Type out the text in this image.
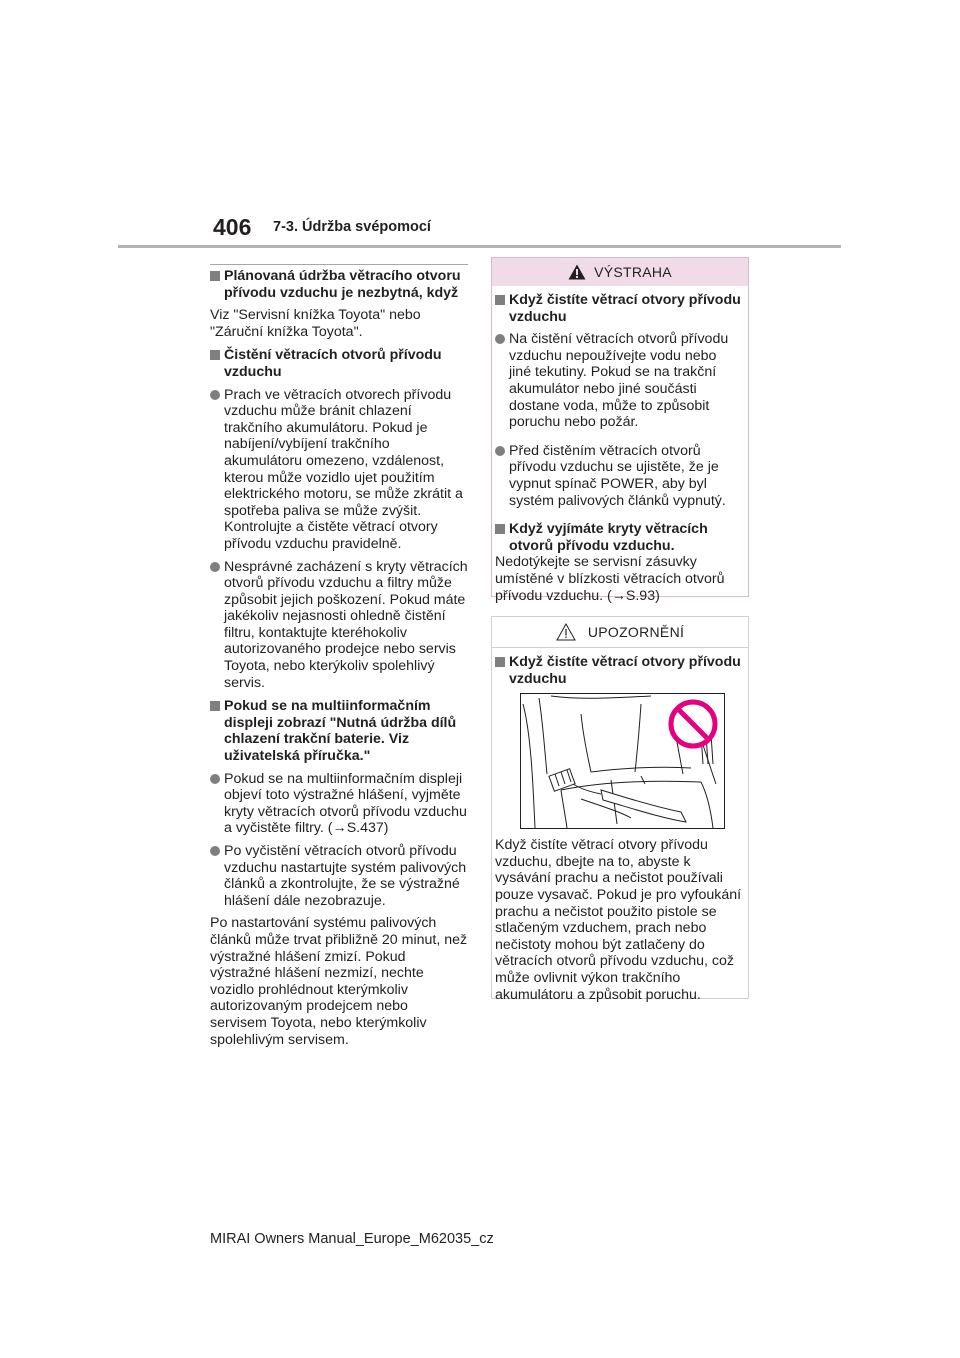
406 7-3. Údržba svépomocí
Plánovaná údržba větracího otvoru přívodu vzduchu je nezbytná, když
Viz "Servisní knížka Toyota" nebo "Záruční knížka Toyota".
Čistění větracích otvorů přívodu vzduchu
Prach ve větracích otvorech přívodu vzduchu může bránit chlazení trakčního akumulátoru. Pokud je nabíjení/vybíjení trakčního akumulátoru omezeno, vzdálenost, kterou může vozidlo ujet použitím elektrického motoru, se může zkrátit a spotřeba paliva se může zvýšit. Kontrolujte a čistěte větrací otvory přívodu vzduchu pravidelně.
Nesprávné zacházení s kryty větracích otvorů přívodu vzduchu a filtry může způsobit jejich poškození. Pokud máte jakékoliv nejasnosti ohledně čistění filtru, kontaktujte kteréhokoliv autorizovaného prodejce nebo servis Toyota, nebo kterýkoliv spolehlivý servis.
Pokud se na multiinformačním displeji zobrazí "Nutná údržba dílů chlazení trakční baterie. Viz uživatelská příručka."
Pokud se na multiinformačním displeji objeví toto výstražné hlášení, vyjměte kryty větracích otvorů přívodu vzduchu a vyčistěte filtry. (→S.437)
Po vyčistění větracích otvorů přívodu vzduchu nastartujte systém palivových článků a zkontrolujte, že se výstražné hlášení dále nezobrazuje.
Po nastartování systému palivových článků může trvat přibližně 20 minut, než výstražné hlášení zmizí. Pokud výstražné hlášení nezmizí, nechte vozidlo prohlédnout kterýmkoliv autorizovaným prodejcem nebo servisem Toyota, nebo kterýmkoliv spolehlivým servisem.
VÝSTRAHA
Když čistíte větrací otvory přívodu vzduchu
Na čistění větracích otvorů přívodu vzduchu nepoužívejte vodu nebo jiné tekutiny. Pokud se na trakční akumulátor nebo jiné součásti dostane voda, může to způsobit poruchu nebo požár.
Před čistěním větracích otvorů přívodu vzduchu se ujistěte, že je vypnut spínač POWER, aby byl systém palivových článků vypnutý.
Když vyjímáte kryty větracích otvorů přívodu vzduchu.
Nedotýkejte se servisní zásuvky umístěné v blízkosti větracích otvorů přívodu vzduchu. (→S.93)
UPOZORNĚNÍ
Když čistíte větrací otvory přívodu vzduchu
Když čistíte větrací otvory přívodu vzduchu, dbejte na to, abyste k vysávání prachu a nečistot používali pouze vysavač. Pokud je pro vyfoukání prachu a nečistot použito pistole se stlačeným vzduchem, prach nebo nečistoty mohou být zatlačeny do větracích otvorů přívodu vzduchu, což může ovlivnit výkon trakčního akumulátoru a způsobit poruchu.
MIRAI Owners Manual_Europe_M62035_cz
